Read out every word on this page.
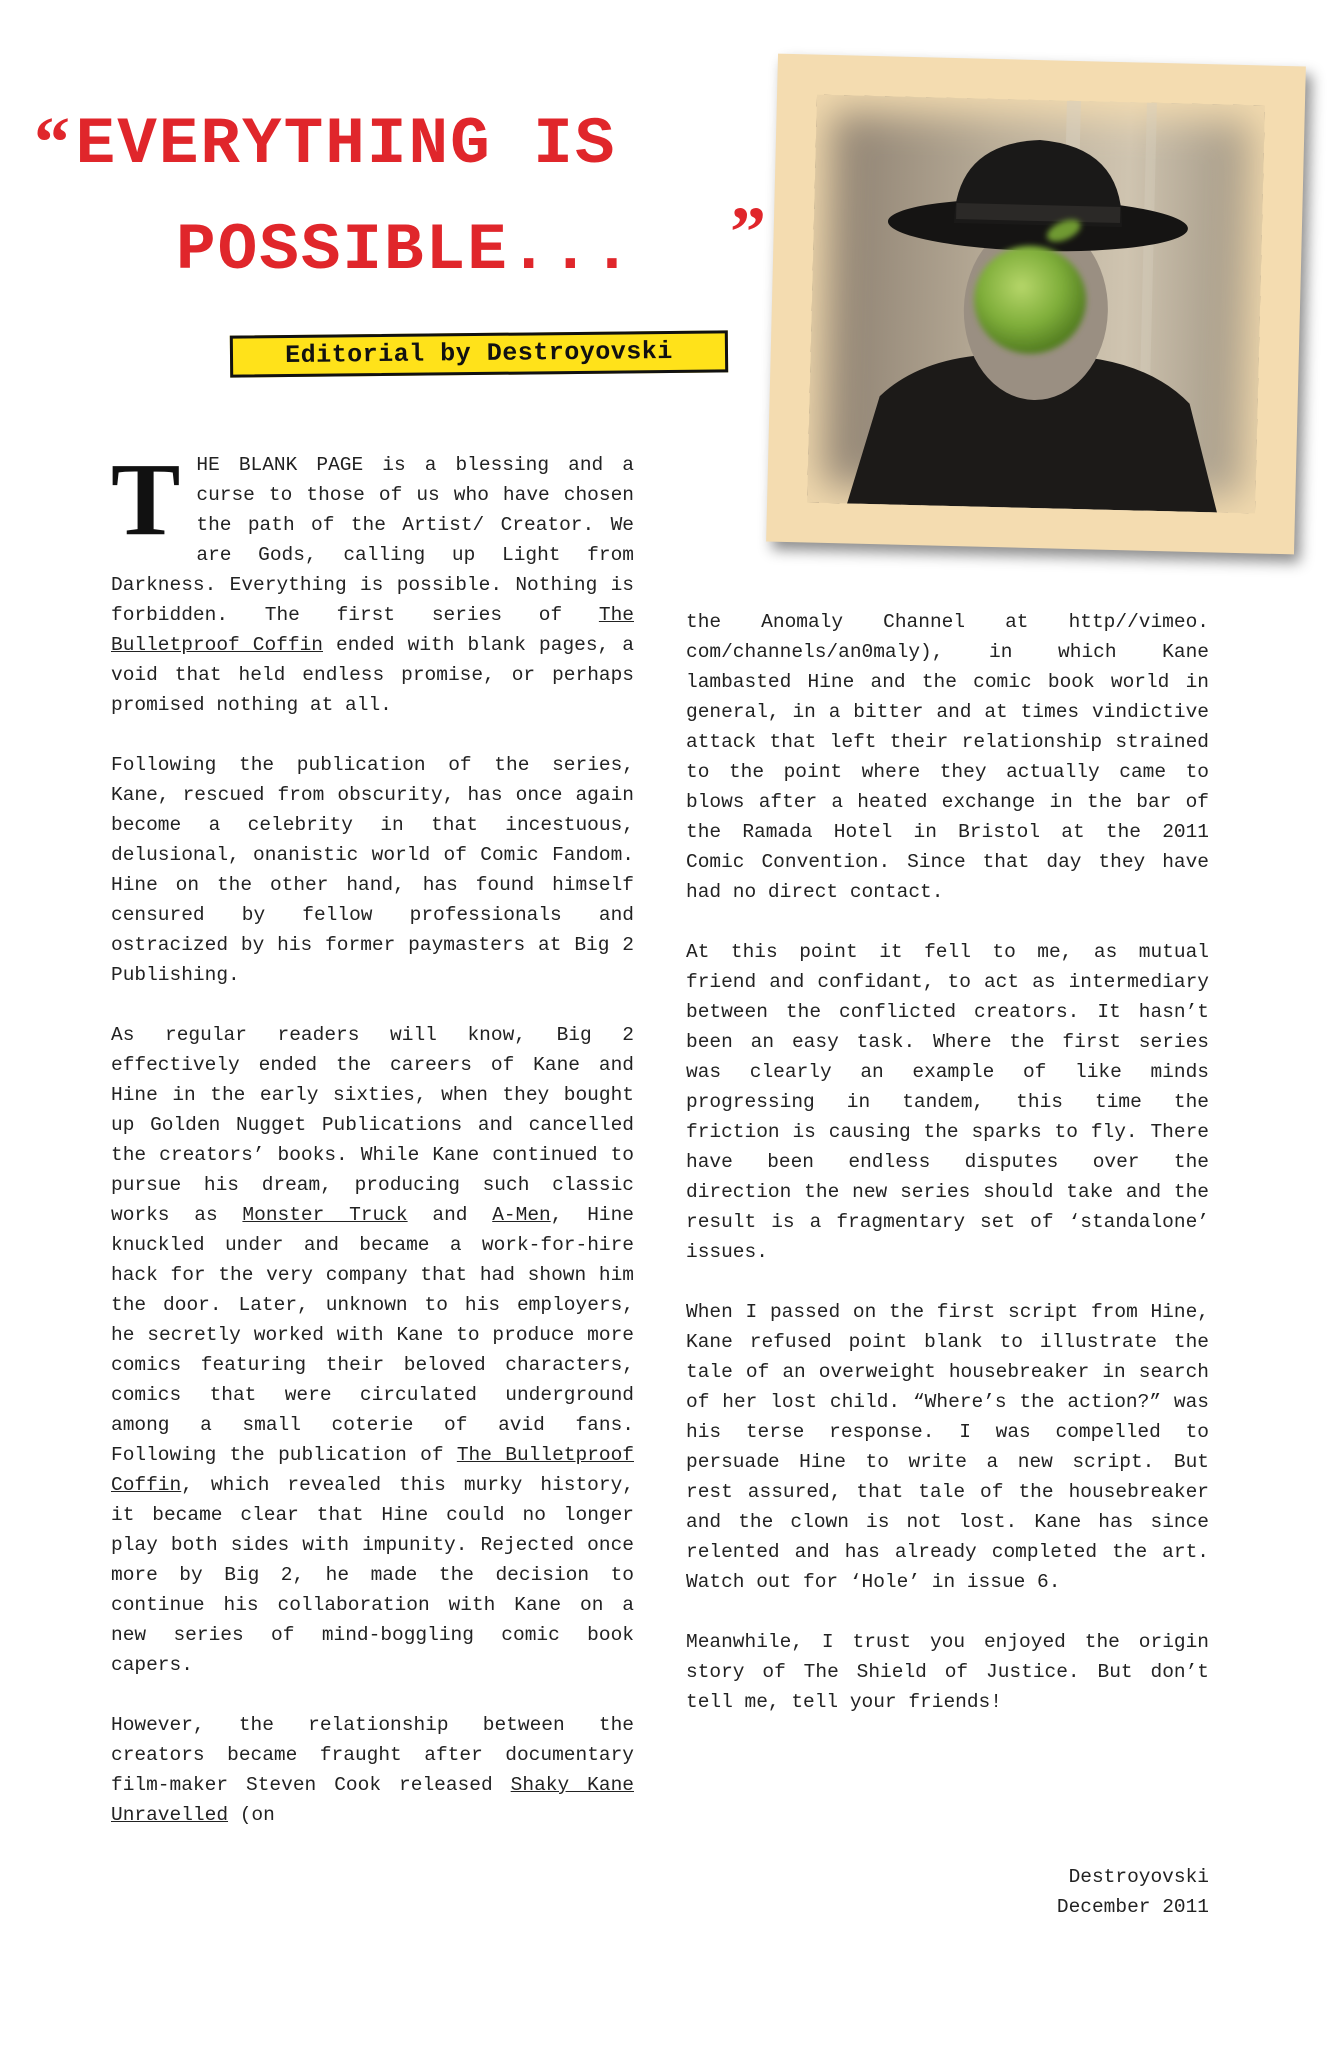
“ EVERYTHING IS
POSSIBLE... ”
Editorial by Destroyovski

THE BLANK PAGE is a blessing and a curse to those of us who have chosen the path of the Artist/ Creator. We are Gods, calling up Light from Darkness. Everything is possible. Nothing is forbidden. The first series of The Bulletproof Coffin ended with blank pages, a void that held endless promise, or perhaps promised nothing at all.

Following the publication of the series, Kane, rescued from obscurity, has once again become a celebrity in that incestuous, delusional, onanistic world of Comic Fandom. Hine on the other hand, has found himself censured by fellow professionals and ostracized by his former paymasters at Big 2 Publishing.

As regular readers will know, Big 2 effectively ended the careers of Kane and Hine in the early sixties, when they bought up Golden Nugget Publications and cancelled the creators’ books. While Kane continued to pursue his dream, producing such classic works as Monster Truck and A-Men, Hine knuckled under and became a work-for-hire hack for the very company that had shown him the door. Later, unknown to his employers, he secretly worked with Kane to produce more comics featuring their beloved characters, comics that were circulated underground among a small coterie of avid fans. Following the publication of The Bulletproof Coffin, which revealed this murky history, it became clear that Hine could no longer play both sides with impunity. Rejected once more by Big 2, he made the decision to continue his collaboration with Kane on a new series of mind-boggling comic book capers.

However, the relationship between the creators became fraught after documentary film-maker Steven Cook released Shaky Kane Unravelled (on

the Anomaly Channel at http//vimeo. com/channels/an0maly), in which Kane lambasted Hine and the comic book world in general, in a bitter and at times vindictive attack that left their relationship strained to the point where they actually came to blows after a heated exchange in the bar of the Ramada Hotel in Bristol at the 2011 Comic Convention. Since that day they have had no direct contact.

At this point it fell to me, as mutual friend and confidant, to act as intermediary between the conflicted creators. It hasn’t been an easy task. Where the first series was clearly an example of like minds progressing in tandem, this time the friction is causing the sparks to fly. There have been endless disputes over the direction the new series should take and the result is a fragmentary set of ‘standalone’ issues.

When I passed on the first script from Hine, Kane refused point blank to illustrate the tale of an overweight housebreaker in search of her lost child. “Where’s the action?” was his terse response. I was compelled to persuade Hine to write a new script. But rest assured, that tale of the housebreaker and the clown is not lost. Kane has since relented and has already completed the art. Watch out for ‘Hole’ in issue 6.

Meanwhile, I trust you enjoyed the origin story of The Shield of Justice. But don’t tell me, tell your friends!

Destroyovski
December 2011
